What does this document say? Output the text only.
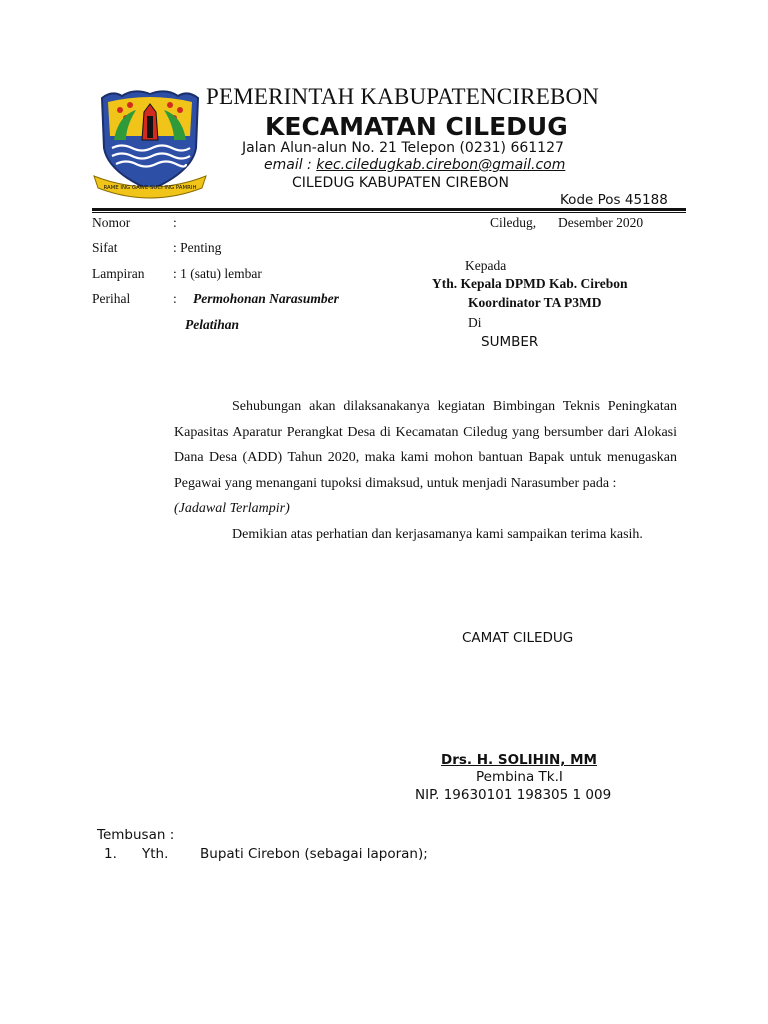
RAME ING GAWE SUCI ING PAMRIH
PEMERINTAH KABUPATENCIREBON
KECAMATAN CILEDUG
Jalan Alun-alun No. 21 Telepon (0231) 661127
email : kec.ciledugkab.cirebon@gmail.com
CILEDUG KABUPATEN CIREBON
Kode Pos 45188
Nomor	:
Sifat	: Penting
Lampiran : 1 (satu) lembar
Perihal	: Permohonan Narasumber
Pelatihan
Ciledug, Desember 2020
Kepada
Yth. Kepala DPMD Kab. Cirebon
Koordinator TA P3MD
Di
SUMBER

Sehubungan akan dilaksanakanya kegiatan Bimbingan Teknis Peningkatan Kapasitas Aparatur Perangkat Desa di Kecamatan Ciledug yang bersumber dari Alokasi Dana Desa (ADD) Tahun 2020, maka kami mohon bantuan Bapak untuk menugaskan Pegawai yang menangani tupoksi dimaksud, untuk menjadi Narasumber pada :

(Jadawal Terlampir)

Demikian atas perhatian dan kerjasamanya kami sampaikan terima kasih.

CAMAT CILEDUG
Drs. H. SOLIHIN, MM
Pembina Tk.I
NIP. 19630101 198305 1 009
Tembusan :
1. Yth. Bupati Cirebon (sebagai laporan);
